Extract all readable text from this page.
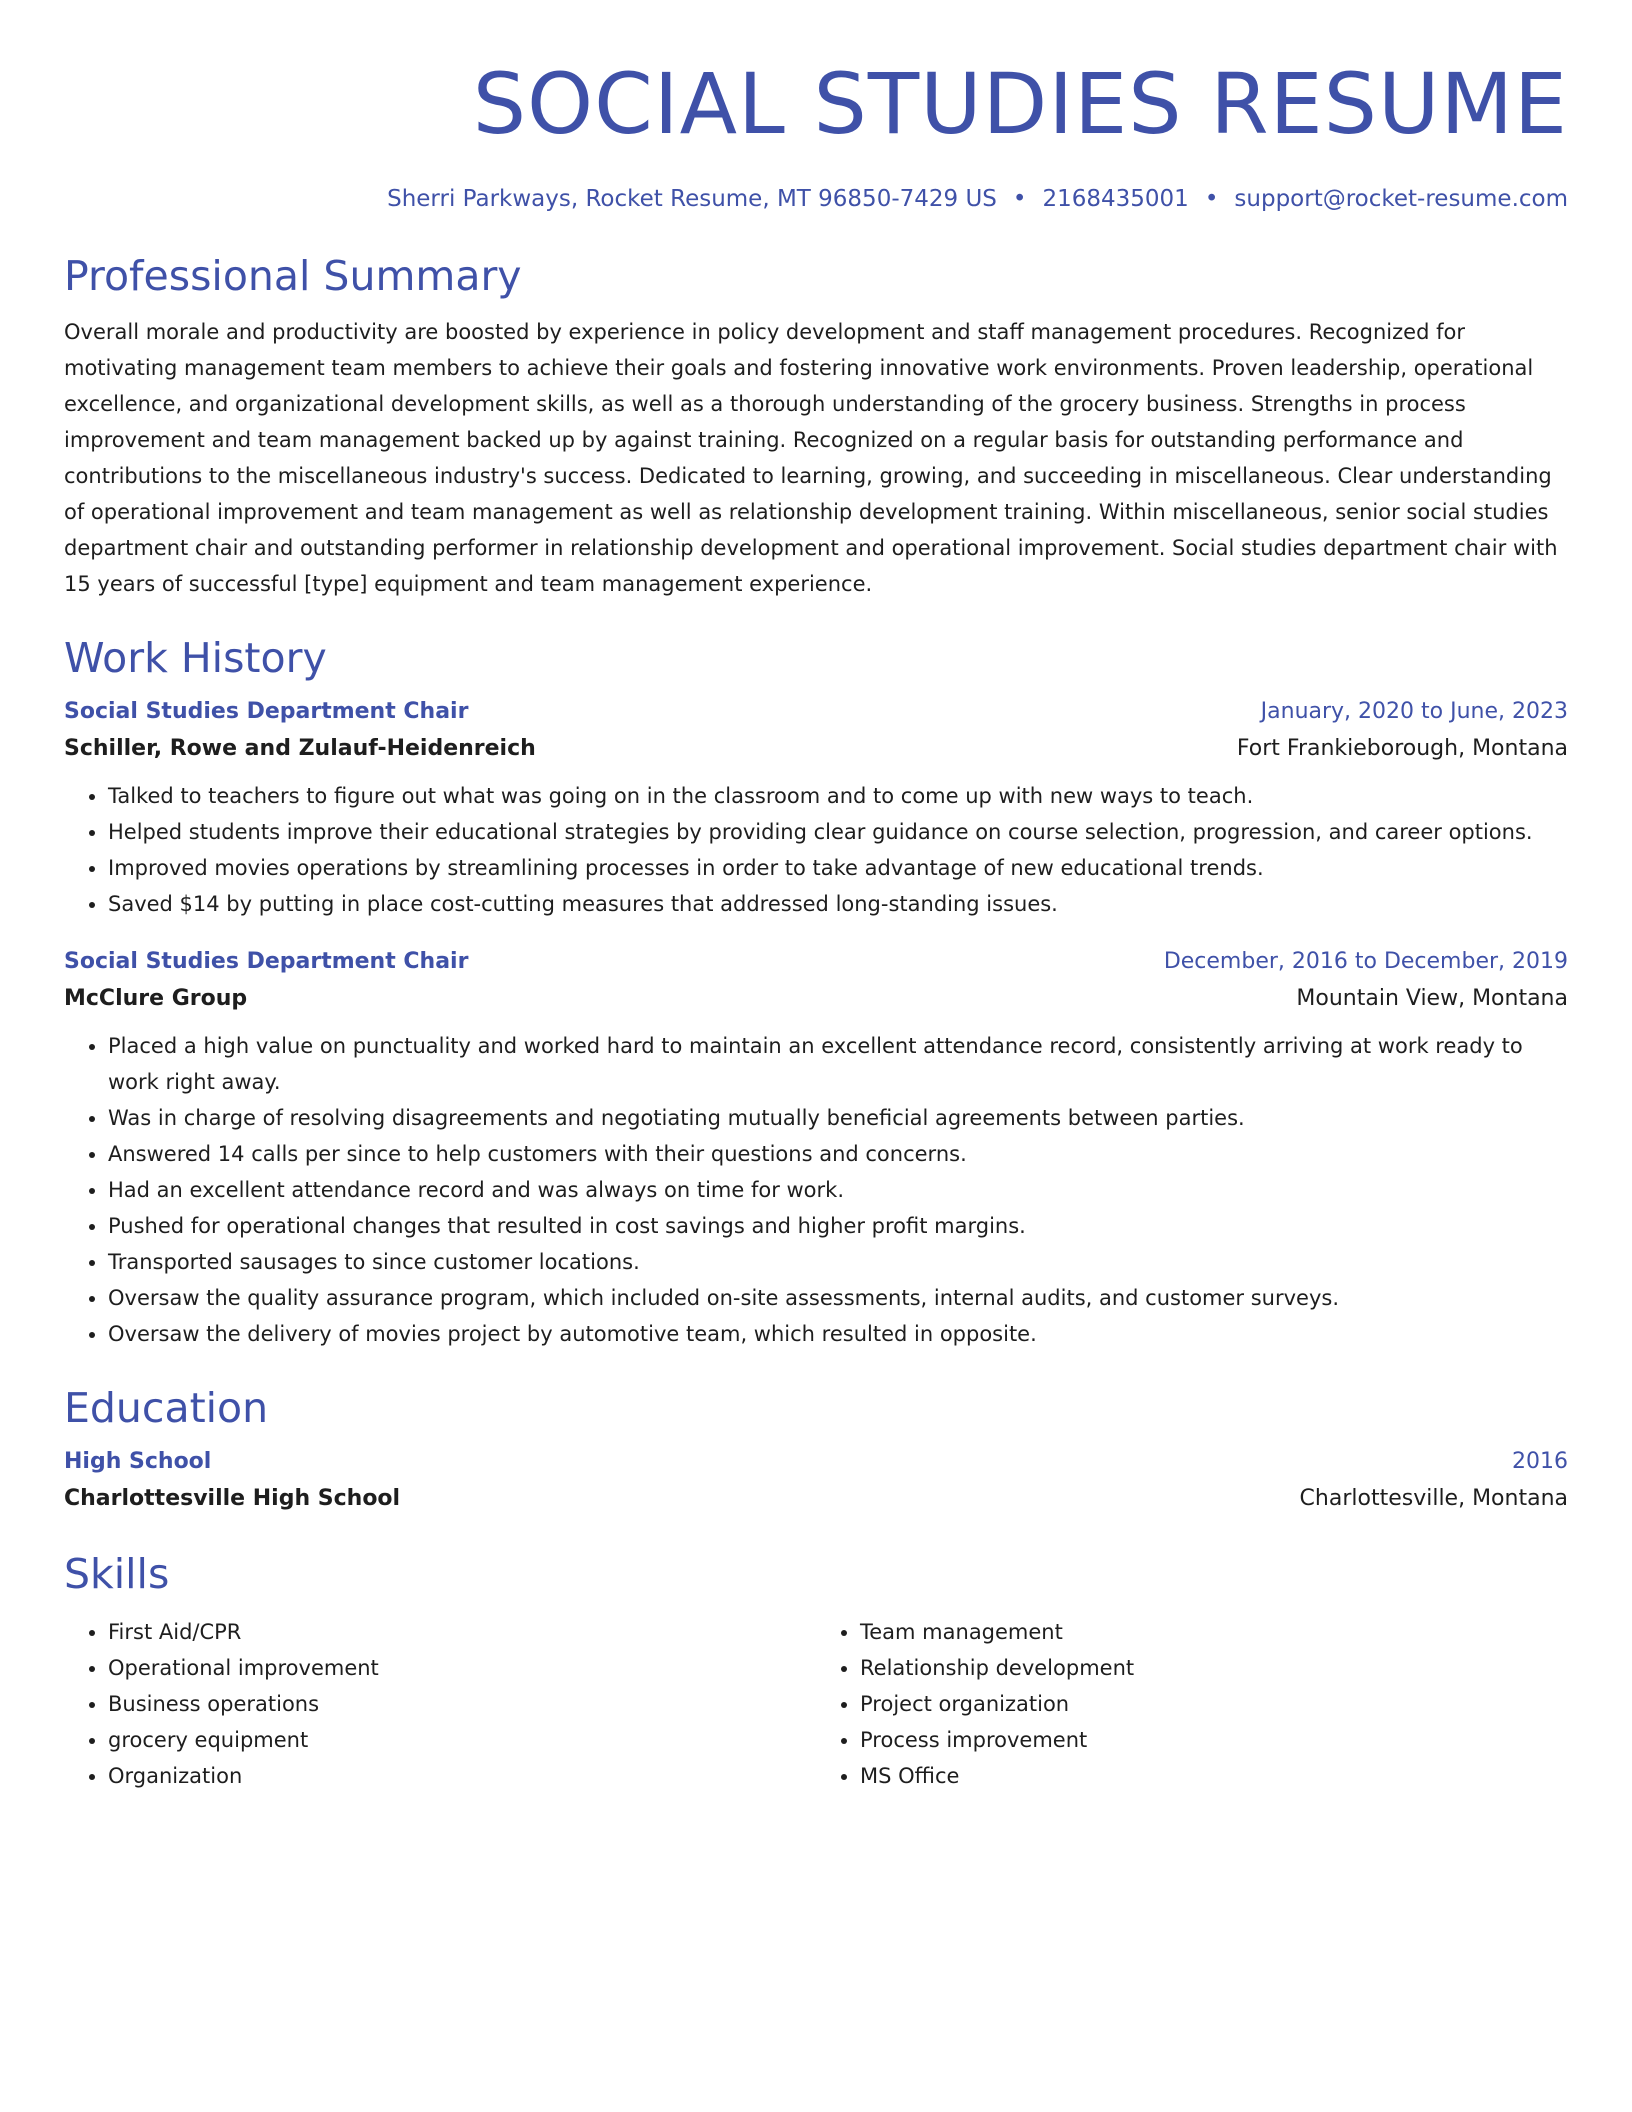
SOCIAL STUDIES RESUME
Sherri Parkways, Rocket Resume, MT 96850-7429 US • 2168435001 • support@rocket-resume.com
Professional Summary

Overall morale and productivity are boosted by experience in policy development and staff management procedures. Recognized for motivating management team members to achieve their goals and fostering innovative work environments. Proven leadership, operational excellence, and organizational development skills, as well as a thorough understanding of the grocery business. Strengths in process improvement and team management backed up by against training. Recognized on a regular basis for outstanding performance and contributions to the miscellaneous industry's success. Dedicated to learning, growing, and succeeding in miscellaneous. Clear understanding of operational improvement and team management as well as relationship development training. Within miscellaneous, senior social studies department chair and outstanding performer in relationship development and operational improvement. Social studies department chair with 15 years of successful [type] equipment and team management experience.

Work History
Social Studies Department Chair	January, 2020 to June, 2023
Schiller, Rowe and Zulauf-Heidenreich	Fort Frankieborough, Montana
• Talked to teachers to figure out what was going on in the classroom and to come up with new ways to teach.
• Helped students improve their educational strategies by providing clear guidance on course selection, progression, and career options.
• Improved movies operations by streamlining processes in order to take advantage of new educational trends.
• Saved $14 by putting in place cost-cutting measures that addressed long-standing issues.
Social Studies Department Chair	December, 2016 to December, 2019
McClure Group	Mountain View, Montana
• Placed a high value on punctuality and worked hard to maintain an excellent attendance record, consistently arriving at work ready to work right away.
• Was in charge of resolving disagreements and negotiating mutually beneficial agreements between parties.
• Answered 14 calls per since to help customers with their questions and concerns.
• Had an excellent attendance record and was always on time for work.
• Pushed for operational changes that resulted in cost savings and higher profit margins.
• Transported sausages to since customer locations.
• Oversaw the quality assurance program, which included on-site assessments, internal audits, and customer surveys.
• Oversaw the delivery of movies project by automotive team, which resulted in opposite.
Education
High School	2016
Charlottesville High School	Charlottesville, Montana
Skills
• First Aid/CPR
• Operational improvement
• Business operations
• grocery equipment
• Organization
• Team management
• Relationship development
• Project organization
• Process improvement
• MS Office
